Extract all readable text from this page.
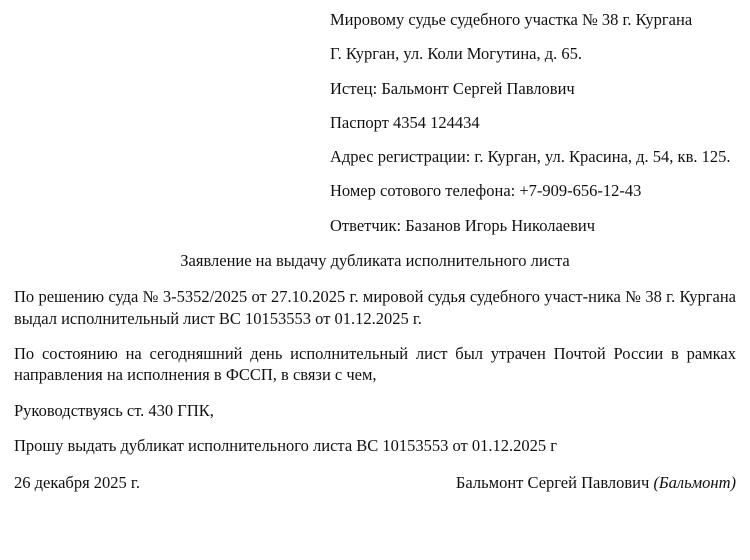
Мировому судье судебного участка № 38 г. Кургана
Г. Курган, ул. Коли Могутина, д. 65.
Истец: Бальмонт Сергей Павлович
Паспорт 4354 124434
Адрес регистрации: г. Курган, ул. Красина, д. 54, кв. 125.
Номер сотового телефона: +7-909-656-12-43
Ответчик: Базанов Игорь Николаевич
Заявление на выдачу дубликата исполнительного листа
По решению суда № 3-5352/2025 от 27.10.2025 г. мировой судья судебного участ-ника № 38 г. Кургана выдал исполнительный лист ВС 10153553 от 01.12.2025 г.
По состоянию на сегодняшний день исполнительный лист был утрачен Почтой России в рамках направления на исполнения в ФССП, в связи с чем,
Руководствуясь ст. 430 ГПК,
Прошу выдать дубликат исполнительного листа ВС 10153553 от 01.12.2025 г
26 декабря 2025 г.	Бальмонт Сергей Павлович (Бальмонт)
